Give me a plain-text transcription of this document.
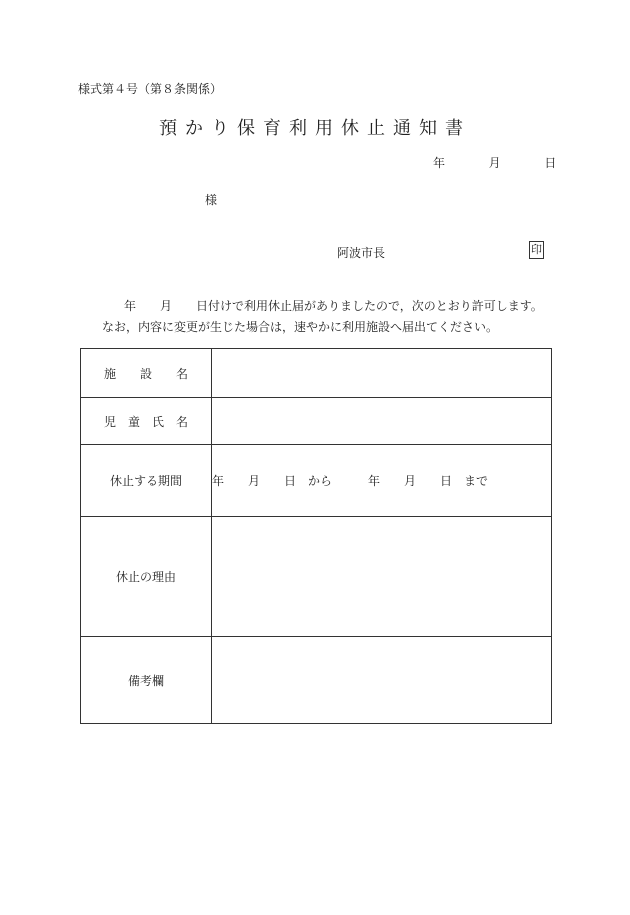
様式第４号（第８条関係）
預かり保育利用休止通知書
年	月	日
様
阿波市長	印
年　　月　　日付けで利用休止届がありましたので，次のとおり許可します。
なお，内容に変更が生じた場合は，速やかに利用施設へ届出てください。
施　　設　　名	
児　童　氏　名	
休止する期間	年　　月　　日　から　　　年　　月　　日　まで
休止の理由	
備考欄	
